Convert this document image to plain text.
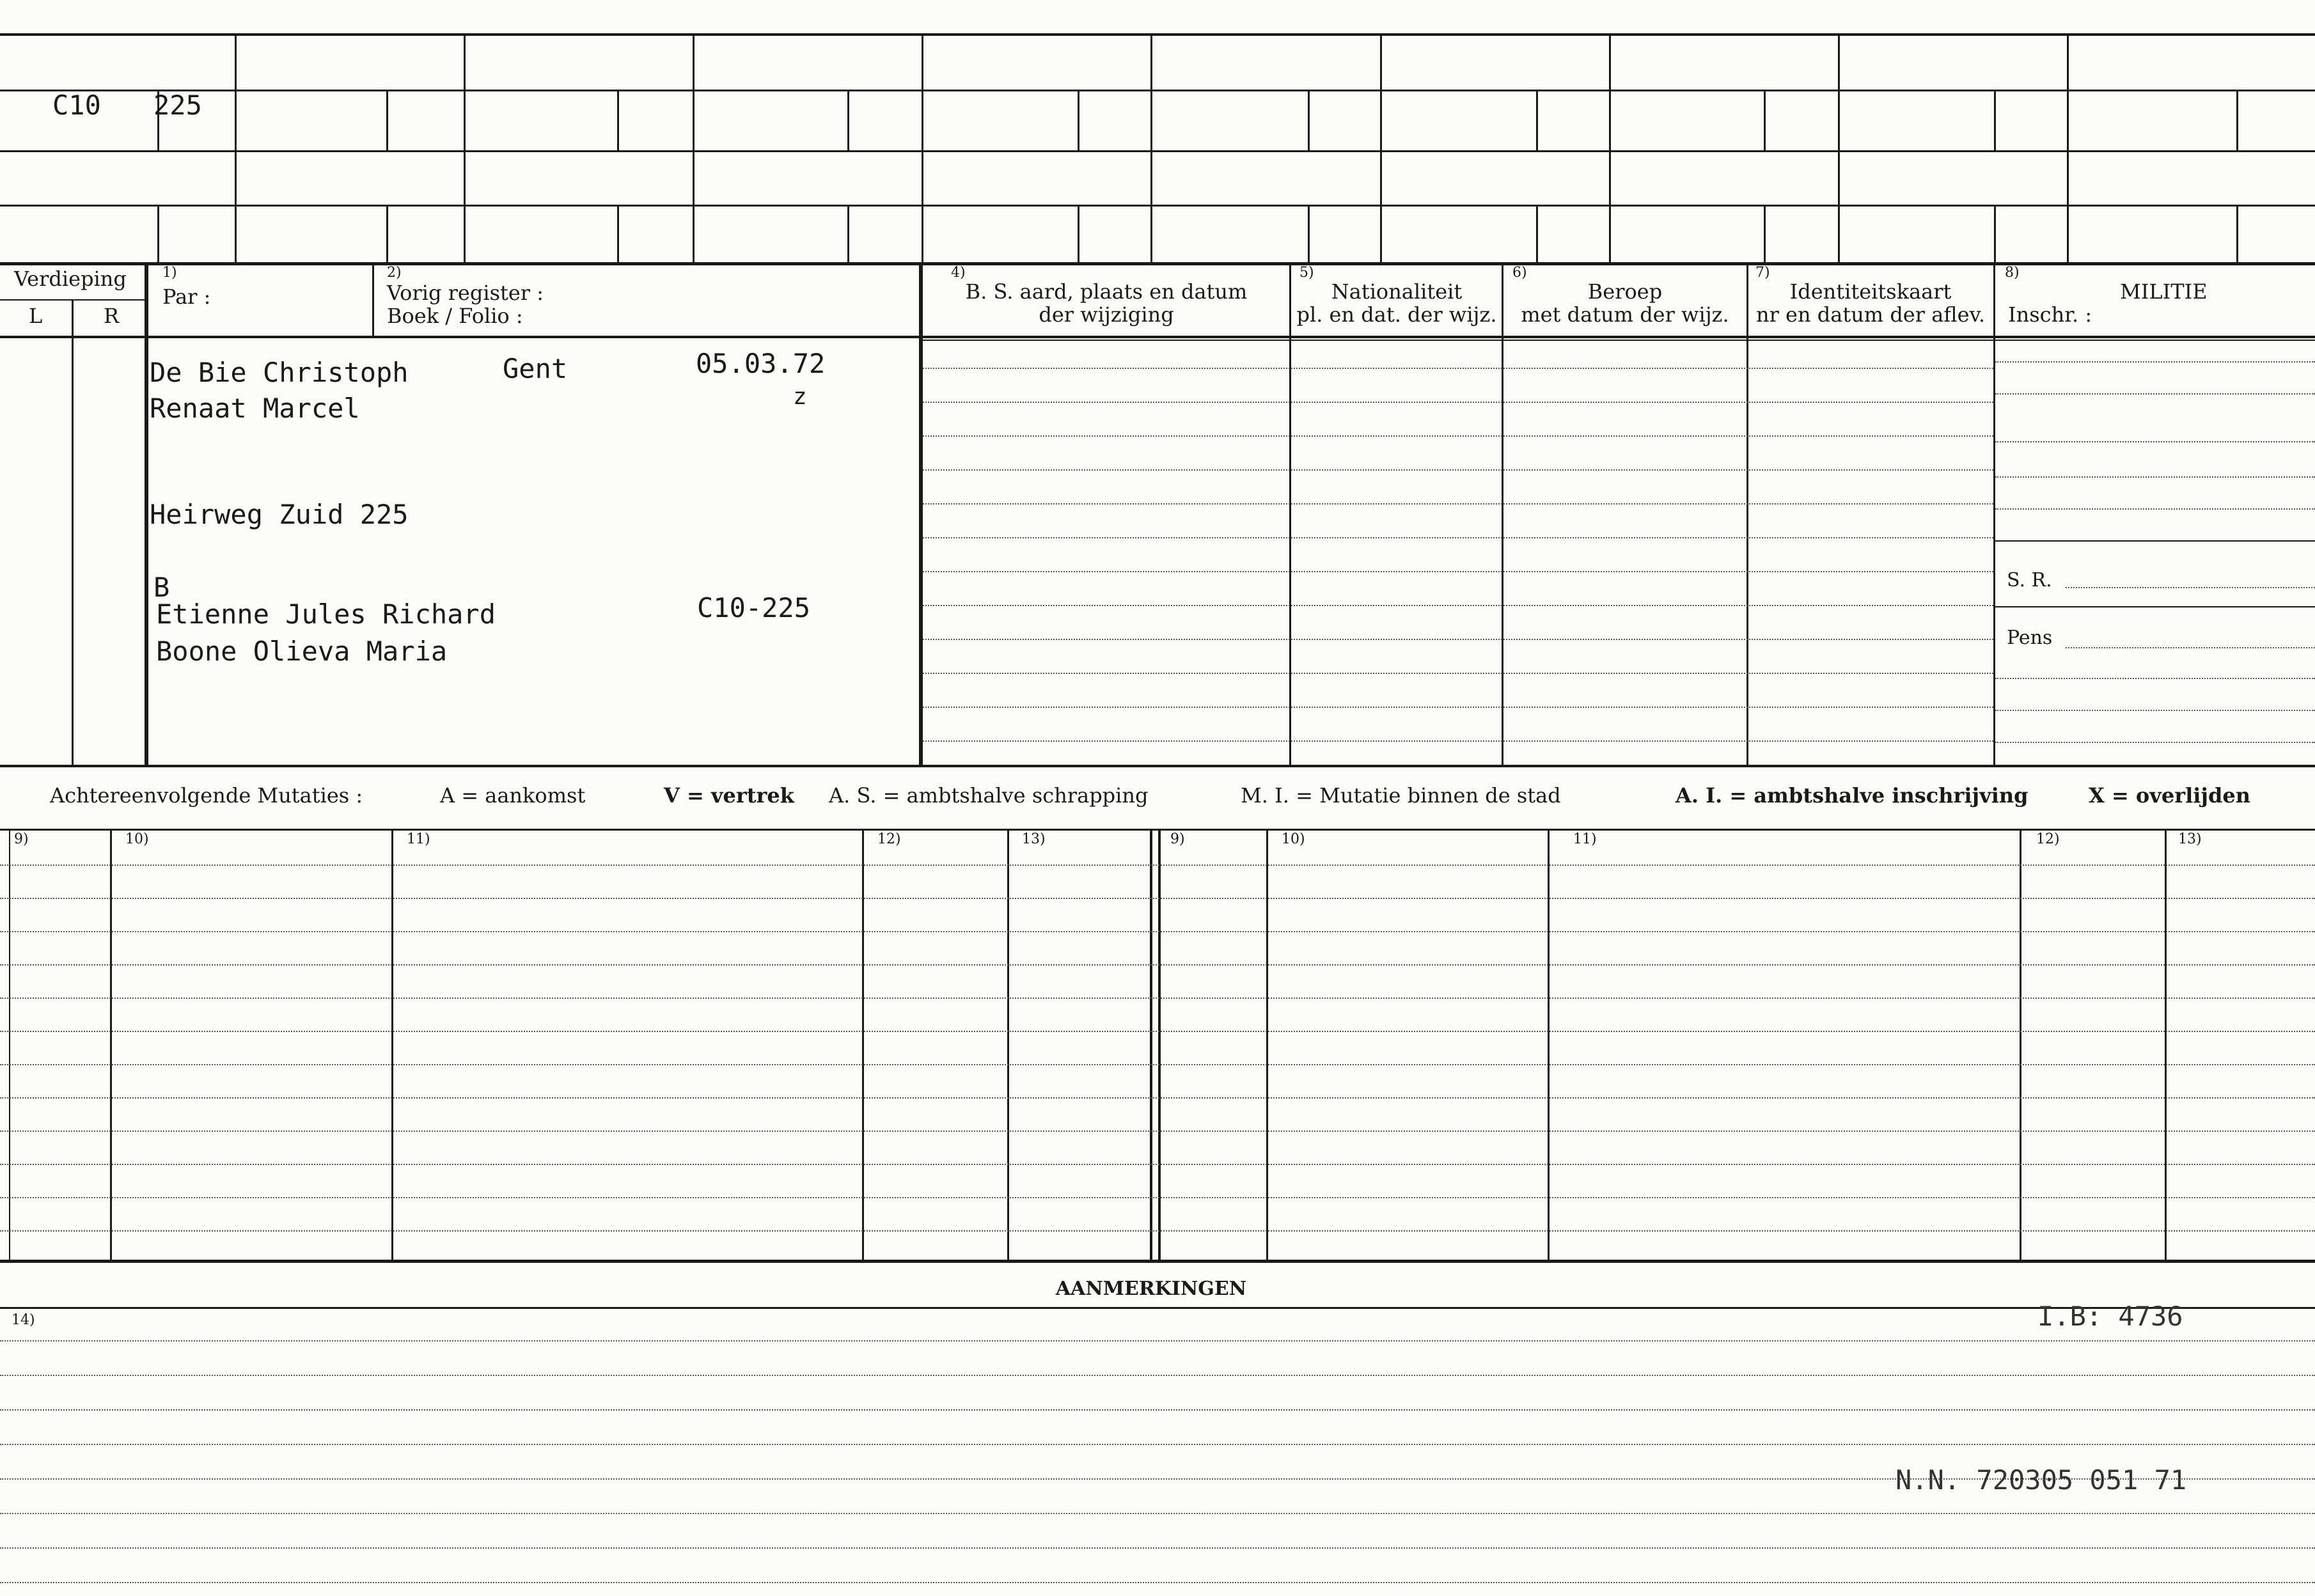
C10 225
Verdieping
L	R
1)
Par :
2)
Vorig register :
Boek / Folio :
4)
B. S. aard, plaats en datum
der wijziging
5)
Nationaliteit
pl. en dat. der wijz.
6)
Beroep
met datum der wijz.
7)
Identiteitskaart
nr en datum der aflev.
8)
MILITIE
Inschr. :
S. R.
Pens
De Bie Christoph	Gent	05.03.72
z
Renaat Marcel
Heirweg Zuid 225
B
Etienne Jules Richard	C10-225
Boone Olieva Maria
Achtereenvolgende Mutaties :	A = aankomst	V = vertrek A. S. = ambtshalve schrapping	M. I. = Mutatie binnen de stad	A. I. = ambtshalve inschrijving	X = overlijden
9)	10)	11)	12)	13)	9)	10)	11)	12)	13)
AANMERKINGEN
14)	I.B: 4736
N.N. 720305 051 71
